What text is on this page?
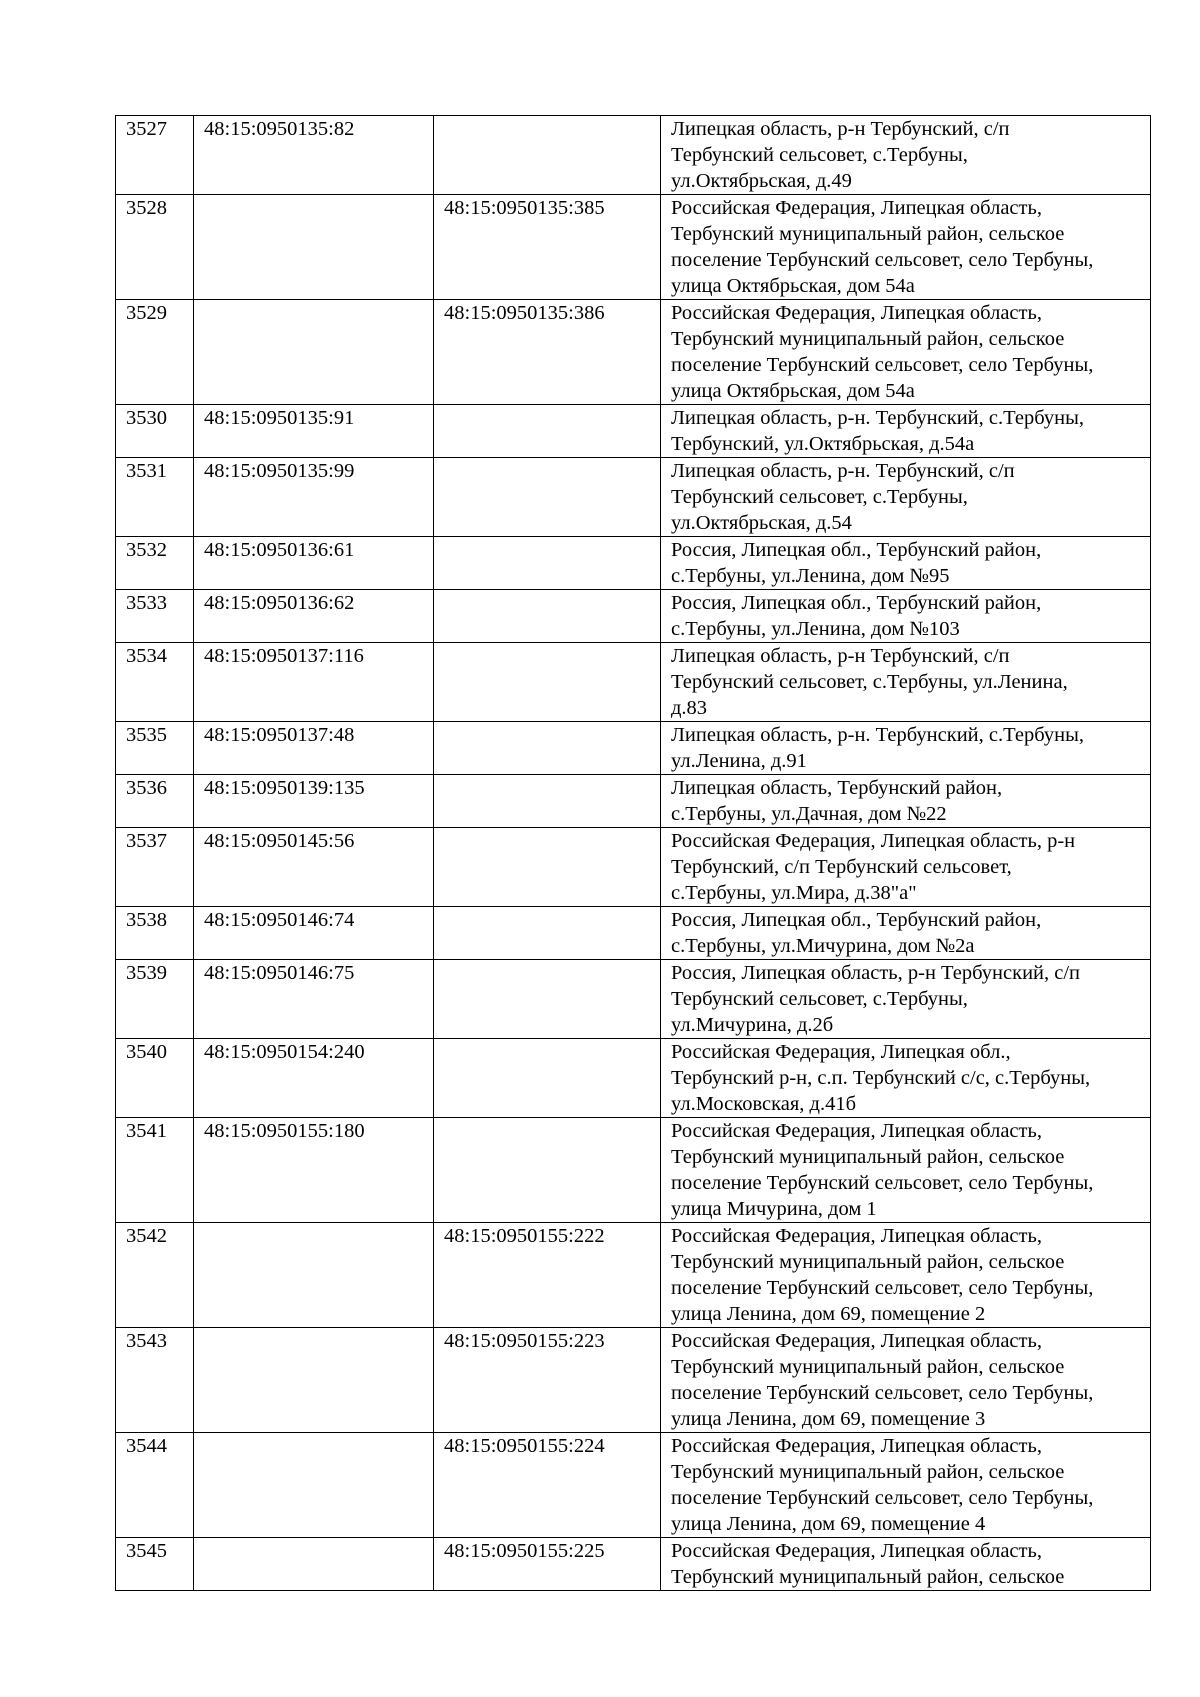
3527	48:15:0950135:82		Липецкая область, р-н Тербунский, с/п
Тербунский сельсовет, с.Тербуны,
ул.Октябрьская, д.49
3528		48:15:0950135:385	Российская Федерация, Липецкая область,
Тербунский муниципальный район, сельское
поселение Тербунский сельсовет, село Тербуны,
улица Октябрьская, дом 54а
3529		48:15:0950135:386	Российская Федерация, Липецкая область,
Тербунский муниципальный район, сельское
поселение Тербунский сельсовет, село Тербуны,
улица Октябрьская, дом 54а
3530	48:15:0950135:91		Липецкая область, р-н. Тербунский, с.Тербуны,
Тербунский, ул.Октябрьская, д.54а
3531	48:15:0950135:99		Липецкая область, р-н. Тербунский, с/п
Тербунский сельсовет, с.Тербуны,
ул.Октябрьская, д.54
3532	48:15:0950136:61		Россия, Липецкая обл., Тербунский район,
с.Тербуны, ул.Ленина, дом №95
3533	48:15:0950136:62		Россия, Липецкая обл., Тербунский район,
с.Тербуны, ул.Ленина, дом №103
3534	48:15:0950137:116		Липецкая область, р-н Тербунский, с/п
Тербунский сельсовет, с.Тербуны, ул.Ленина,
д.83
3535	48:15:0950137:48		Липецкая область, р-н. Тербунский, с.Тербуны,
ул.Ленина, д.91
3536	48:15:0950139:135		Липецкая область, Тербунский район,
с.Тербуны, ул.Дачная, дом №22
3537	48:15:0950145:56		Российская Федерация, Липецкая область, р-н
Тербунский, с/п Тербунский сельсовет,
с.Тербуны, ул.Мира, д.38"а"
3538	48:15:0950146:74		Россия, Липецкая обл., Тербунский район,
с.Тербуны, ул.Мичурина, дом №2а
3539	48:15:0950146:75		Россия, Липецкая область, р-н Тербунский, с/п
Тербунский сельсовет, с.Тербуны,
ул.Мичурина, д.2б
3540	48:15:0950154:240		Российская Федерация, Липецкая обл.,
Тербунский р-н, с.п. Тербунский с/с, с.Тербуны,
ул.Московская, д.41б
3541	48:15:0950155:180		Российская Федерация, Липецкая область,
Тербунский муниципальный район, сельское
поселение Тербунский сельсовет, село Тербуны,
улица Мичурина, дом 1
3542		48:15:0950155:222	Российская Федерация, Липецкая область,
Тербунский муниципальный район, сельское
поселение Тербунский сельсовет, село Тербуны,
улица Ленина, дом 69, помещение 2
3543		48:15:0950155:223	Российская Федерация, Липецкая область,
Тербунский муниципальный район, сельское
поселение Тербунский сельсовет, село Тербуны,
улица Ленина, дом 69, помещение 3
3544		48:15:0950155:224	Российская Федерация, Липецкая область,
Тербунский муниципальный район, сельское
поселение Тербунский сельсовет, село Тербуны,
улица Ленина, дом 69, помещение 4
3545		48:15:0950155:225	Российская Федерация, Липецкая область,
Тербунский муниципальный район, сельское
